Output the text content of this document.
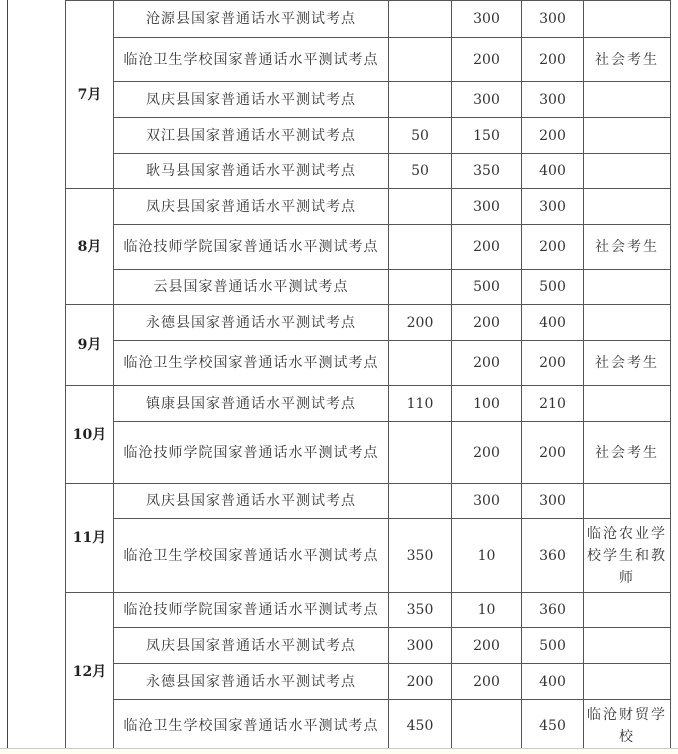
7月	沧源县国家普通话水平测试考点		300	300	
	临沧卫生学校国家普通话水平测试考点		200	200	社会考生
	凤庆县国家普通话水平测试考点		300	300	
	双江县国家普通话水平测试考点	50	150	200	
	耿马县国家普通话水平测试考点	50	350	400	
8月	凤庆县国家普通话水平测试考点		300	300	
	临沧技师学院国家普通话水平测试考点		200	200	社会考生
	云县国家普通话水平测试考点		500	500	
9月	永德县国家普通话水平测试考点	200	200	400	
	临沧卫生学校国家普通话水平测试考点		200	200	社会考生
10月	镇康县国家普通话水平测试考点	110	100	210	
	临沧技师学院国家普通话水平测试考点		200	200	社会考生
11月	凤庆县国家普通话水平测试考点		300	300	
	临沧卫生学校国家普通话水平测试考点	350	10	360	临沧农业学校学生和教师
12月	临沧技师学院国家普通话水平测试考点	350	10	360	
	凤庆县国家普通话水平测试考点	300	200	500	
	永德县国家普通话水平测试考点	200	200	400	
	临沧卫生学校国家普通话水平测试考点	450		450	临沧财贸学校
